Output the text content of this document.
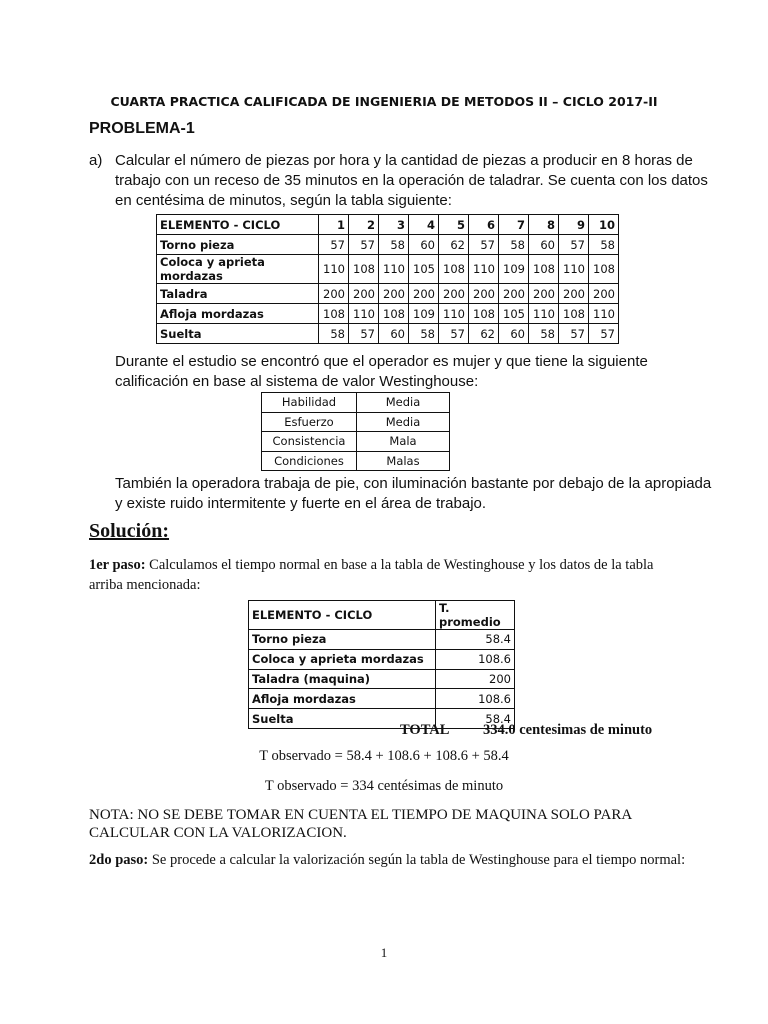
CUARTA PRACTICA CALIFICADA DE INGENIERIA DE METODOS II – CICLO 2017-II
PROBLEMA-1
a) Calcular el número de piezas por hora y la cantidad de piezas a producir en 8 horas de trabajo con un receso de 35 minutos en la operación de taladrar. Se cuenta con los datos en centésima de minutos, según la tabla siguiente:
ELEMENTO - CICLO	1	2	3	4	5	6	7	8	9	10
Torno pieza	57	57	58	60	62	57	58	60	57	58
Coloca y aprieta mordazas	110	108	110	105	108	110	109	108	110	108
Taladra	200	200	200	200	200	200	200	200	200	200
Afloja mordazas	108	110	108	109	110	108	105	110	108	110
Suelta	58	57	60	58	57	62	60	58	57	57
Durante el estudio se encontró que el operador es mujer y que tiene la siguiente calificación en base al sistema de valor Westinghouse:
Habilidad	Media
Esfuerzo	Media
Consistencia	Mala
Condiciones	Malas
También la operadora trabaja de pie, con iluminación bastante por debajo de la apropiada y existe ruido intermitente y fuerte en el área de trabajo.
Solución:
1er paso: Calculamos el tiempo normal en base a la tabla de Westinghouse y los datos de la tabla arriba mencionada:
ELEMENTO - CICLO	T. promedio
Torno pieza	58.4
Coloca y aprieta mordazas	108.6
Taladra (maquina)	200
Afloja mordazas	108.6
Suelta	58.4
TOTAL 334.0 centesimas de minuto
T observado = 58.4 + 108.6 + 108.6 + 58.4
T observado = 334 centésimas de minuto
NOTA: NO SE DEBE TOMAR EN CUENTA EL TIEMPO DE MAQUINA SOLO PARA CALCULAR CON LA VALORIZACION.
2do paso: Se procede a calcular la valorización según la tabla de Westinghouse para el tiempo normal:
1
